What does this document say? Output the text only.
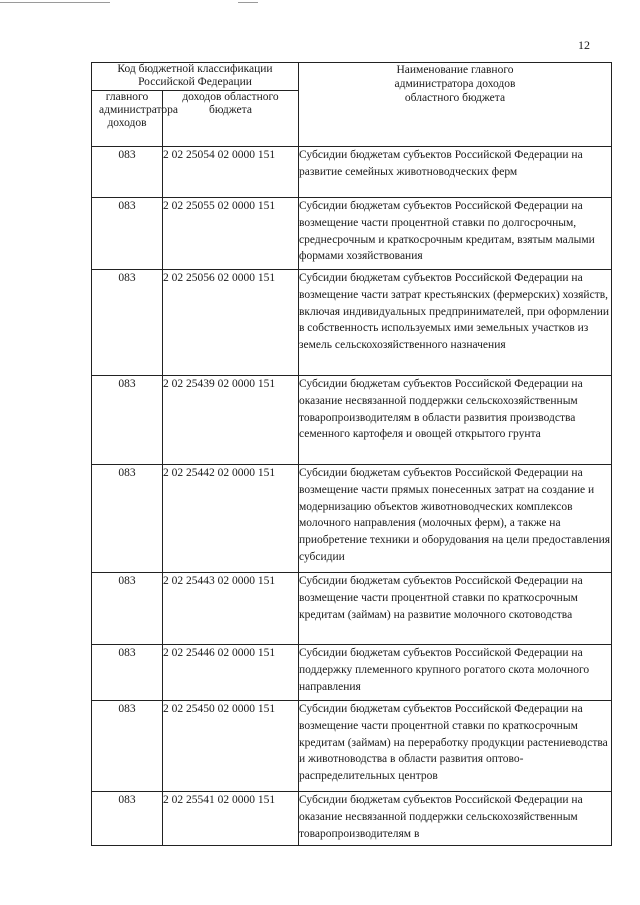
12
Код бюджетной классификации Российской Федерации		Наименование главного администратора доходов областного бюджета

главного администратора доходов	доходов областного бюджета	

083	2 02 25054 02 0000 151	Субсидии бюджетам субъектов Российской Федерации на развитие семейных животноводческих ферм
083	2 02 25055 02 0000 151	Субсидии бюджетам субъектов Российской Федерации на возмещение части процентной ставки по долгосрочным, среднесрочным и краткосрочным кредитам, взятым малыми формами хозяйствования
083	2 02 25056 02 0000 151	Субсидии бюджетам субъектов Российской Федерации на возмещение части затрат крестьянских (фермерских) хозяйств, включая индивидуальных предпринимателей, при оформлении в собственность используемых ими земельных участков из земель сельскохозяйственного назначения
083	2 02 25439 02 0000 151	Субсидии бюджетам субъектов Российской Федерации на оказание несвязанной поддержки сельскохозяйственным товаропроизводителям в области развития производства семенного картофеля и овощей открытого грунта
083	2 02 25442 02 0000 151	Субсидии бюджетам субъектов Российской Федерации на возмещение части прямых понесенных затрат на создание и модернизацию объектов животноводческих комплексов молочного направления (молочных ферм), а также на приобретение техники и оборудования на цели предоставления субсидии
083	2 02 25443 02 0000 151	Субсидии бюджетам субъектов Российской Федерации на возмещение части процентной ставки по краткосрочным кредитам (займам) на развитие молочного скотоводства
083	2 02 25446 02 0000 151	Субсидии бюджетам субъектов Российской Федерации на поддержку племенного крупного рогатого скота молочного направления
083	2 02 25450 02 0000 151	Субсидии бюджетам субъектов Российской Федерации на возмещение части процентной ставки по краткосрочным кредитам (займам) на переработку продукции растениеводства и животноводства в области развития оптово-распределительных центров
083	2 02 25541 02 0000 151	Субсидии бюджетам субъектов Российской Федерации на оказание несвязанной поддержки сельскохозяйственным товаропроизводителям в
